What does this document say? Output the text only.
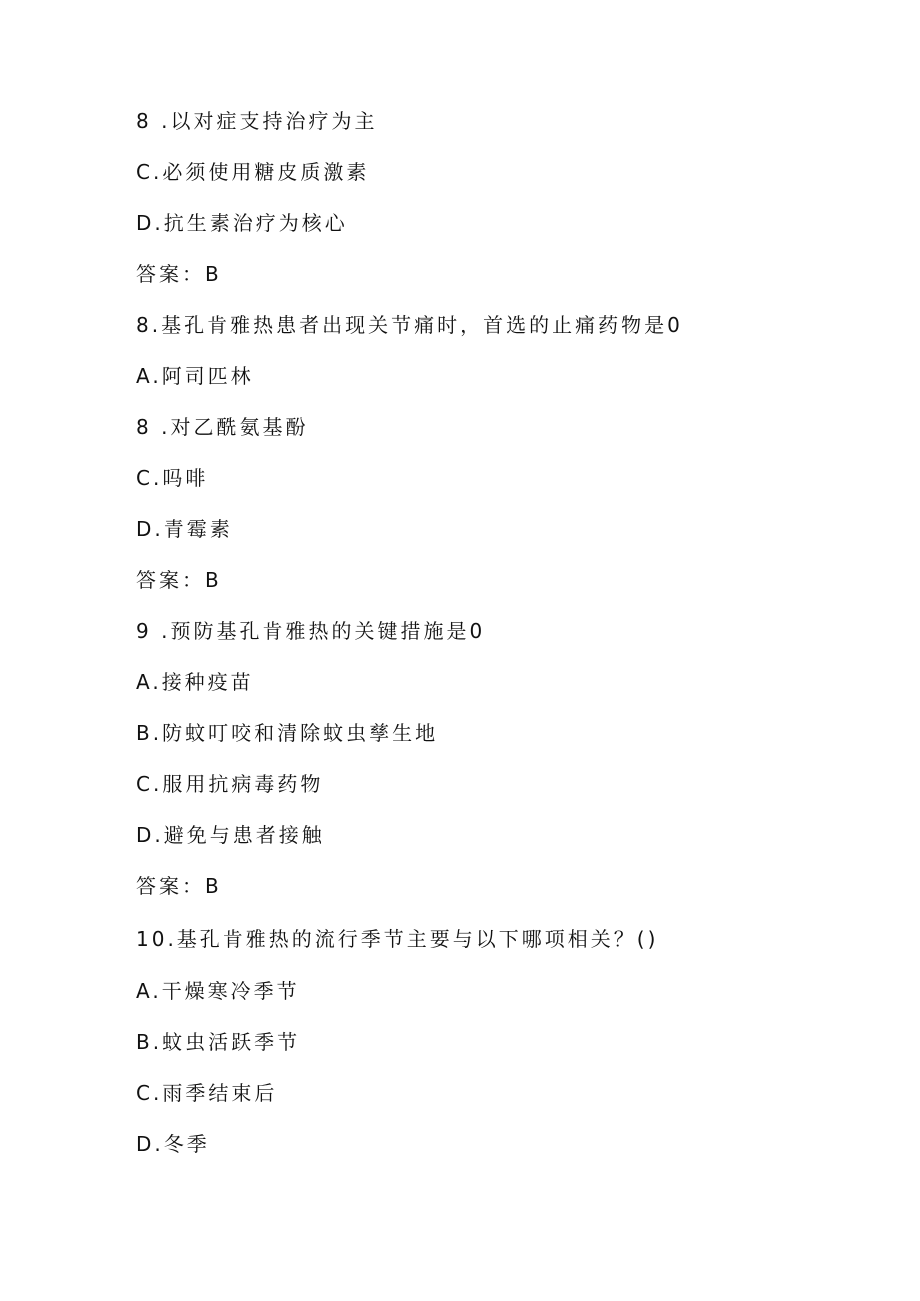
8 .以对症支持治疗为主
C.必须使用糖皮质激素
D.抗生素治疗为核心
答案：B
8.基孔肯雅热患者出现关节痛时，首选的止痛药物是0
A.阿司匹林
8 .对乙酰氨基酚
C.吗啡
D.青霉素
答案：B
9 .预防基孔肯雅热的关键措施是0
A.接种疫苗
B.防蚊叮咬和清除蚊虫孳生地
C.服用抗病毒药物
D.避免与患者接触
答案：B
10.基孔肯雅热的流行季节主要与以下哪项相关？()
A.干燥寒冷季节
B.蚊虫活跃季节
C.雨季结束后
D.冬季
